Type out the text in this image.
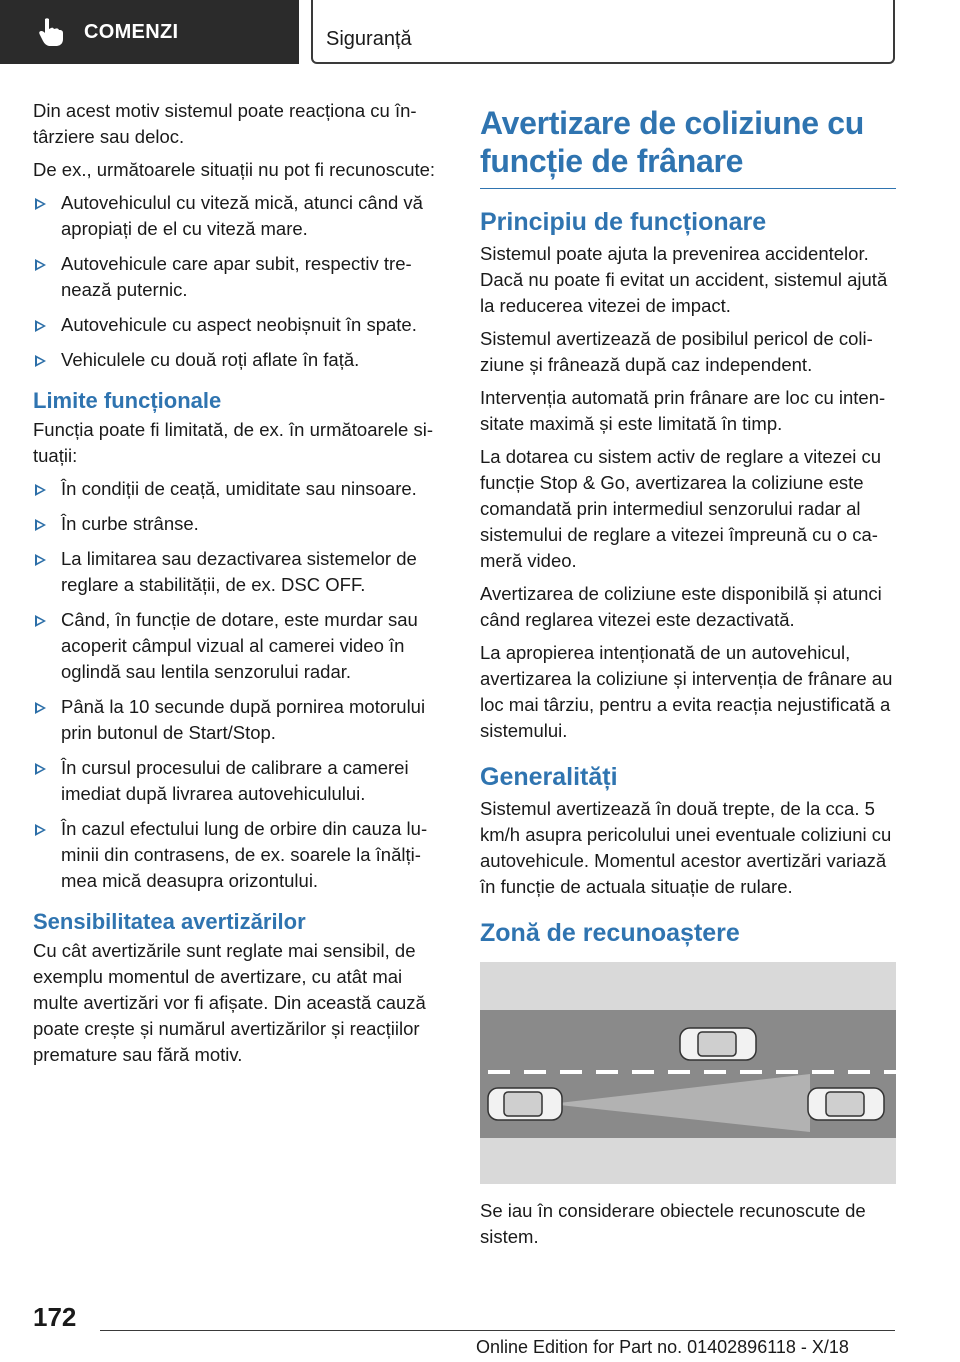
COMENZI	Siguranță

Din acest motiv sistemul poate reacționa cu întârziere sau deloc.

De ex., următoarele situații nu pot fi recunoscute:

Autovehiculul cu viteză mică, atunci când vă apropiați de el cu viteză mare.
Autovehicule care apar subit, respectiv trenează puternic.
Autovehicule cu aspect neobișnuit în spate.
Vehiculele cu două roți aflate în față.
Limite funcționale

Funcția poate fi limitată, de ex. în următoarele situații:

În condiții de ceață, umiditate sau ninsoare.
În curbe strânse.
La limitarea sau dezactivarea sistemelor de reglare a stabilității, de ex. DSC OFF.
Când, în funcție de dotare, este murdar sau acoperit câmpul vizual al camerei video în oglindă sau lentila senzorului radar.
Până la 10 secunde după pornirea motorului prin butonul de Start/Stop.
În cursul procesului de calibrare a camerei imediat după livrarea autovehiculului.
În cazul efectului lung de orbire din cauza luminii din contrasens, de ex. soarele la înălțimea mică deasupra orizontului.
Sensibilitatea avertizărilor

Cu cât avertizările sunt reglate mai sensibil, de exemplu momentul de avertizare, cu atât mai multe avertizări vor fi afișate. Din această cauză poate crește și numărul avertizărilor și reacțiilor premature sau fără motiv.

Avertizare de coliziune cu funcție de frânare
Principiu de funcționare

Sistemul poate ajuta la prevenirea accidentelor. Dacă nu poate fi evitat un accident, sistemul ajută la reducerea vitezei de impact.

Sistemul avertizează de posibilul pericol de coliziune și frânează după caz independent.

Intervenția automată prin frânare are loc cu intensitate maximă și este limitată în timp.

La dotarea cu sistem activ de reglare a vitezei cu funcție Stop & Go, avertizarea la coliziune este comandată prin intermediul senzorului radar al sistemului de reglare a vitezei împreună cu o cameră video.

Avertizarea de coliziune este disponibilă și atunci când reglarea vitezei este dezactivată.

La apropierea intenționată de un autovehicul, avertizarea la coliziune și intervenția de frânare au loc mai târziu, pentru a evita reacția nejustificată a sistemului.

Generalități

Sistemul avertizează în două trepte, de la cca. 5 km/h asupra pericolului unei eventuale coliziuni cu autovehicule. Momentul acestor avertizări variază în funcție de actuala situație de rulare.

Zonă de recunoaștere

Se iau în considerare obiectele recunoscute de sistem.

172
Online Edition for Part no. 01402896118 - X/18
